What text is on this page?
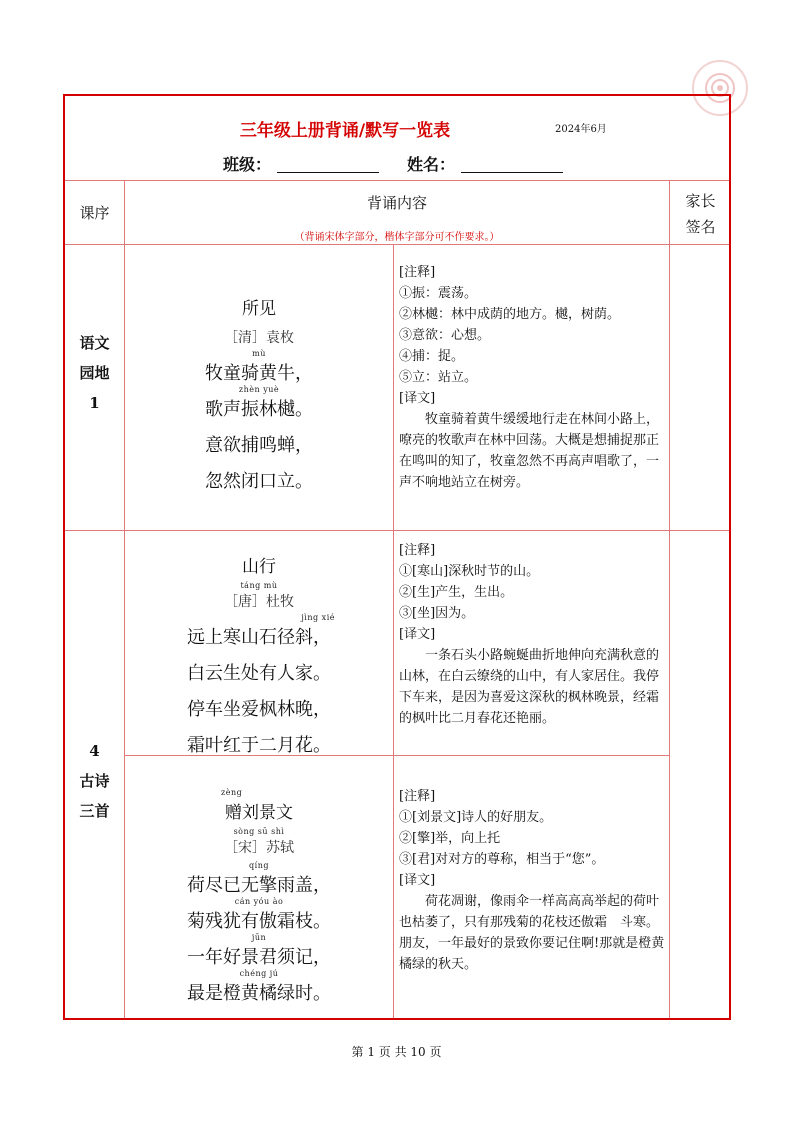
三年级上册背诵/默写一览表	2024年6月
班级：	姓名：
课序
背诵内容
（背诵宋体字部分，楷体字部分可不作要求。）
家长
签名
语文
园地
1
所见
［清］袁枚
mù
牧童骑黄牛，
zhèn yuè
歌声振林樾。
意欲捕鸣蝉，
忽然闭口立。
[注释]
①振：震荡。
②林樾：林中成荫的地方。樾，树荫。
③意欲：心想。
④捕：捉。
⑤立：站立。
[译文]
牧童骑着黄牛缓缓地行走在林间小路上，嘹亮的牧歌声在林中回荡。大概是想捕捉那正在鸣叫的知了，牧童忽然不再高声唱歌了，一声不响地站立在树旁。
4
古诗
三首
山行
táng mù
［唐］杜牧
jìng xié
远上寒山石径斜，
白云生处有人家。
停车坐爱枫林晚，
霜叶红于二月花。
[注释]
①[寒山]深秋时节的山。
②[生]产生，生出。
③[坐]因为。
[译文]
一条石头小路蜿蜒曲折地伸向充满秋意的山林，在白云缭绕的山中，有人家居住。我停下车来，是因为喜爱这深秋的枫林晚景，经霜的枫叶比二月春花还艳丽。
zèng
赠刘景文
sòng sū shì
［宋］苏轼
qíng
荷尽已无擎雨盖，
cán yóu ào
菊残犹有傲霜枝。
jūn
一年好景君须记，
chéng jú
最是橙黄橘绿时。
[注释]
①[刘景文]诗人的好朋友。
②[擎]举，向上托
③[君]对对方的尊称，相当于“您”。
[译文]
荷花凋谢，像雨伞一样高高高举起的荷叶也枯萎了，只有那残菊的花枝还傲霜　斗寒。朋友，一年最好的景致你要记住啊!那就是橙黄橘绿的秋天。
第 1 页 共 10 页
